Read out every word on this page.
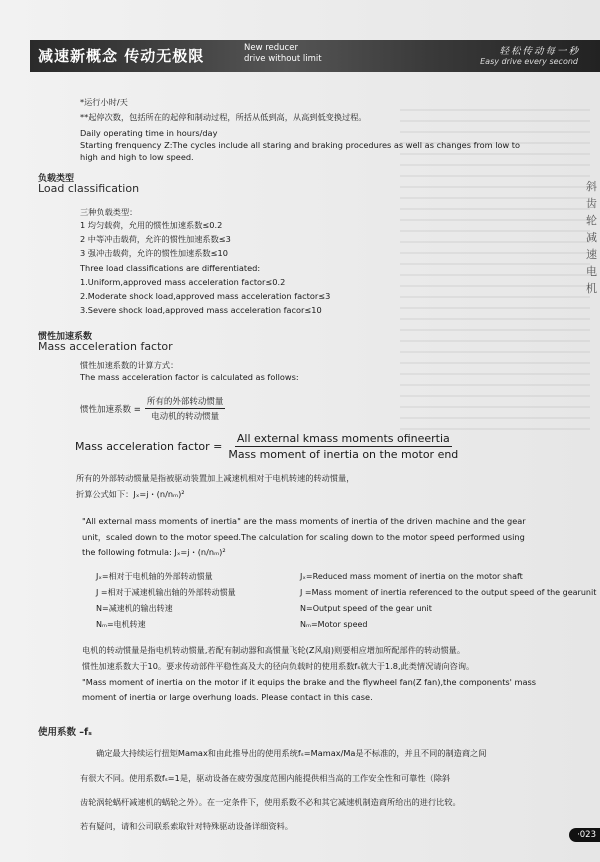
减速新概念 传动无极限	New reducer
drive without limit
轻松传动每一秒
Easy drive every second
斜齿轮减速电机
*运行小时/天
**起停次数，包括所在的起停和制动过程，所括从低到高，从高到低变换过程。
Daily operating time in hours/day
Starting frenquency Z:The cycles include all staring and braking procedures as well as changes from low to
high and high to low speed.
负载类型
Load classification
三种负载类型：
1 均匀载荷，允用的惯性加速系数≤0.2
2 中等冲击载荷，允许的惯性加速系数≤3
3 强冲击载荷，允许的惯性加速系数≤10
Three load classifications are differentiated:
1.Uniform,approved mass acceleration factor≤0.2
2.Moderate shock load,approved mass acceleration factor≤3
3.Severe shock load,approved mass acceleration facor≤10
惯性加速系数
Mass acceleration factor
惯性加速系数的计算方式：
The mass acceleration factor is calculated as follows:
惯性加速系数 = $\frac{\text{所有的外部转动惯量}}{\text{电动机的转动惯量}}$
Mass acceleration factor = $\frac{\text{All external kmass moments ofineertia}}{\text{Mass moment of inertia on the motor end}}$
所有的外部转动惯量是指被驱动装置加上减速机相对于电机转速的转动惯量，
折算公式如下：Jₓ=j・(n/nₘ)²
"All external mass moments of inertia" are the mass moments of inertia of the driven machine and the gear
unit，scaled down to the motor speed.The calculation for scaling down to the motor speed performed using
the following fotmula: Jₓ=j・(n/nₘ)²
Jₓ=相对于电机轴的外部转动惯量
J =相对于减速机输出轴的外部转动惯量
N=减速机的输出转速
Nₘ=电机转速
Jₓ=Reduced mass moment of inertia on the motor shaft
J =Mass moment of inertia referenced to the output speed of the gearunit
N=Output speed of the gear unit
Nₘ=Motor speed
电机的转动惯量是指电机转动惯量,若配有制动器和高惯量飞轮(Z风扇)则要相应增加所配部件的转动惯量。
惯性加速系数大于10。要求传动部件平稳性高及大的径向负载时的使用系数fₛ就大于1.8,此类情况请向咨询。
"Mass moment of inertia on the motor if it equips the brake and the flywheel fan(Z fan),the components' mass
moment of inertia or large overhung loads. Please contact in this case.
使用系数 –fₛ
确定最大持续运行扭矩Mamax和由此推导出的使用系统fₛ=Mamax/Ma是不标准的，并且不同的制造商之间
有很大不同。使用系数fₛ=1是，驱动设备在疲劳强度范围内能提供相当高的工作安全性和可靠性（除斜
齿轮涡轮蜗杆减速机的蜗轮之外）。在一定条件下，使用系数不必和其它减速机制造商所给出的进行比较。
若有疑问，请和公司联系索取针对特殊驱动设备详细资料。
·023
